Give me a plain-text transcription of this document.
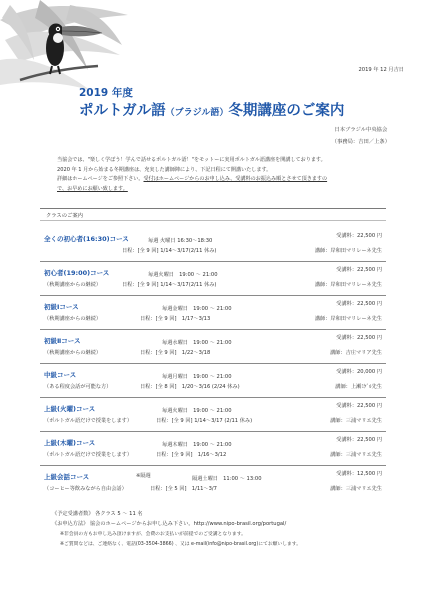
2019 年 12 月吉日
2019 年度
ポルトガル語（ブラジル語）冬期講座のご案内
日本ブラジル中央協会
（事務局：吉田／上条）
当協会では、"楽しく学ぼう！学んで話せるポルトガル語！"をモットーに実用ポルトガル語講座を開講しております。
2020 年 1 月から始まる冬期講座は、充実した講師陣により、下記日程にて開講いたします。
詳細はホームページをご参照下さい。受付はホームページからのお申し込み、受講料のお振込み順とさせて頂きますの
で、お早めにお願い致します。
クラスのご案内
全くの初心者(16:30)コース	受講料：22,500 円
毎週 火曜日 16:30～18:30
日程：[全 9 回] 1/14～3/17(2/11 休み)	講師：岸和田マリレーネ先生
初心者(19:00)コース
（秋期講座からの継続）
受講料：22,500 円
毎週火曜日　19:00 ～ 21:00
日程：[全 9 回] 1/14～3/17(2/11 休み)	講師：岸和田マリレーネ先生
初級Ⅰコース
（秋期講座からの継続）
受講料：22,500 円
毎週金曜日　19:00 ～ 21:00
日程：[全 9 回]　1/17～3/13	講師：岸和田マリレーネ先生
初級Ⅱコース
（秋期講座からの継続）
受講料：22,500 円
毎週水曜日　19:00 ～ 21:00
日程：[全 9 回]　1/22～3/18	講師：吉庄マリア先生
中級コース
（ある程度会話が可能な方）
受講料：20,000 円
毎週月曜日　19:00 ～ 21:00
日程：[全 8 回]　1/20～3/16 (2/24 休み)	講師：上瀬ﾐｹﾞﾙ先生
上級(火曜)コース
（ポルトガル語だけで授業をします）
受講料：22,500 円
毎週火曜日　19:00 ～ 21:00
日程：[全 9 回] 1/14～3/17 (2/11 休み)	講師：三浦マリエ先生
上級(木曜)コース
（ポルトガル語だけで授業をします）
受講料：22,500 円
毎週木曜日　19:00 ～ 21:00
日程：[全 9 回]　1/16～3/12	講師：三浦マリエ先生
上級会話コース	※隔週
（コーヒー等飲みながら自由会話）
受講料：12,500 円
隔週土曜日　11:00 ～ 13:00
日程：[全 5 回]　1/11～3/7	講師：三浦マリエ先生
《予定受講者数》 各クラス 5 ～ 11 名
《お申込方法》 協会のホームページからお申し込み下さい。http://www.nipo-brasil.org/portugal/
※非会員の方もお申し込み頂けますが、会費のお支払いが前提でのご受講となります。
※ご質問などは、ご連絡なく、電話(03-3504-3866) 、又は e-mail(info@nipo-brasil.org)にてお願いします。
